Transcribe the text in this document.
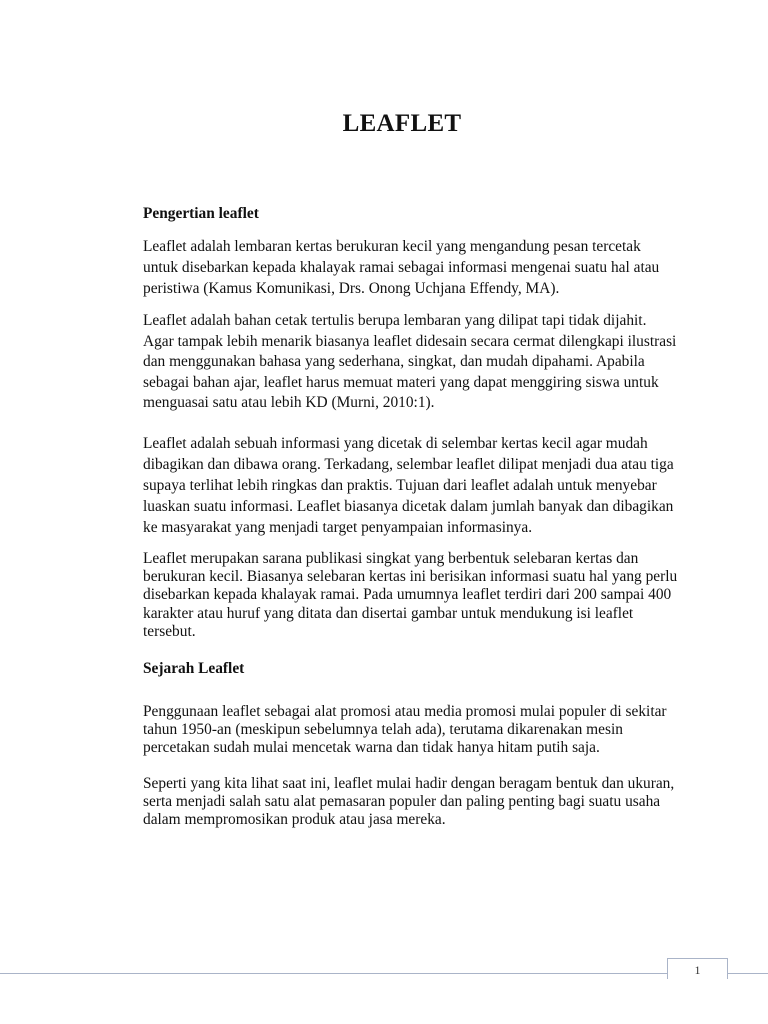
LEAFLET
Pengertian leaflet

Leaflet adalah lembaran kertas berukuran kecil yang mengandung pesan tercetak untuk disebarkan kepada khalayak ramai sebagai informasi mengenai suatu hal atau peristiwa (Kamus Komunikasi, Drs. Onong Uchjana Effendy, MA).

Leaflet adalah bahan cetak tertulis berupa lembaran yang dilipat tapi tidak dijahit. Agar tampak lebih menarik biasanya leaflet didesain secara cermat dilengkapi ilustrasi dan menggunakan bahasa yang sederhana, singkat, dan mudah dipahami. Apabila sebagai bahan ajar, leaflet harus memuat materi yang dapat menggiring siswa untuk menguasai satu atau lebih KD (Murni, 2010:1).

Leaflet adalah sebuah informasi yang dicetak di selembar kertas kecil agar mudah dibagikan dan dibawa orang. Terkadang, selembar leaflet dilipat menjadi dua atau tiga supaya terlihat lebih ringkas dan praktis. Tujuan dari leaflet adalah untuk menyebar luaskan suatu informasi. Leaflet biasanya dicetak dalam jumlah banyak dan dibagikan ke masyarakat yang menjadi target penyampaian informasinya.

Leaflet merupakan sarana publikasi singkat yang berbentuk selebaran kertas dan berukuran kecil. Biasanya selebaran kertas ini berisikan informasi suatu hal yang perlu disebarkan kepada khalayak ramai. Pada umumnya leaflet terdiri dari 200 sampai 400 karakter atau huruf yang ditata dan disertai gambar untuk mendukung isi leaflet tersebut.

Sejarah Leaflet

Penggunaan leaflet sebagai alat promosi atau media promosi mulai populer di sekitar tahun 1950-an (meskipun sebelumnya telah ada), terutama dikarenakan mesin percetakan sudah mulai mencetak warna dan tidak hanya hitam putih saja.

Seperti yang kita lihat saat ini, leaflet mulai hadir dengan beragam bentuk dan ukuran, serta menjadi salah satu alat pemasaran populer dan paling penting bagi suatu usaha dalam mempromosikan produk atau jasa mereka.

1
